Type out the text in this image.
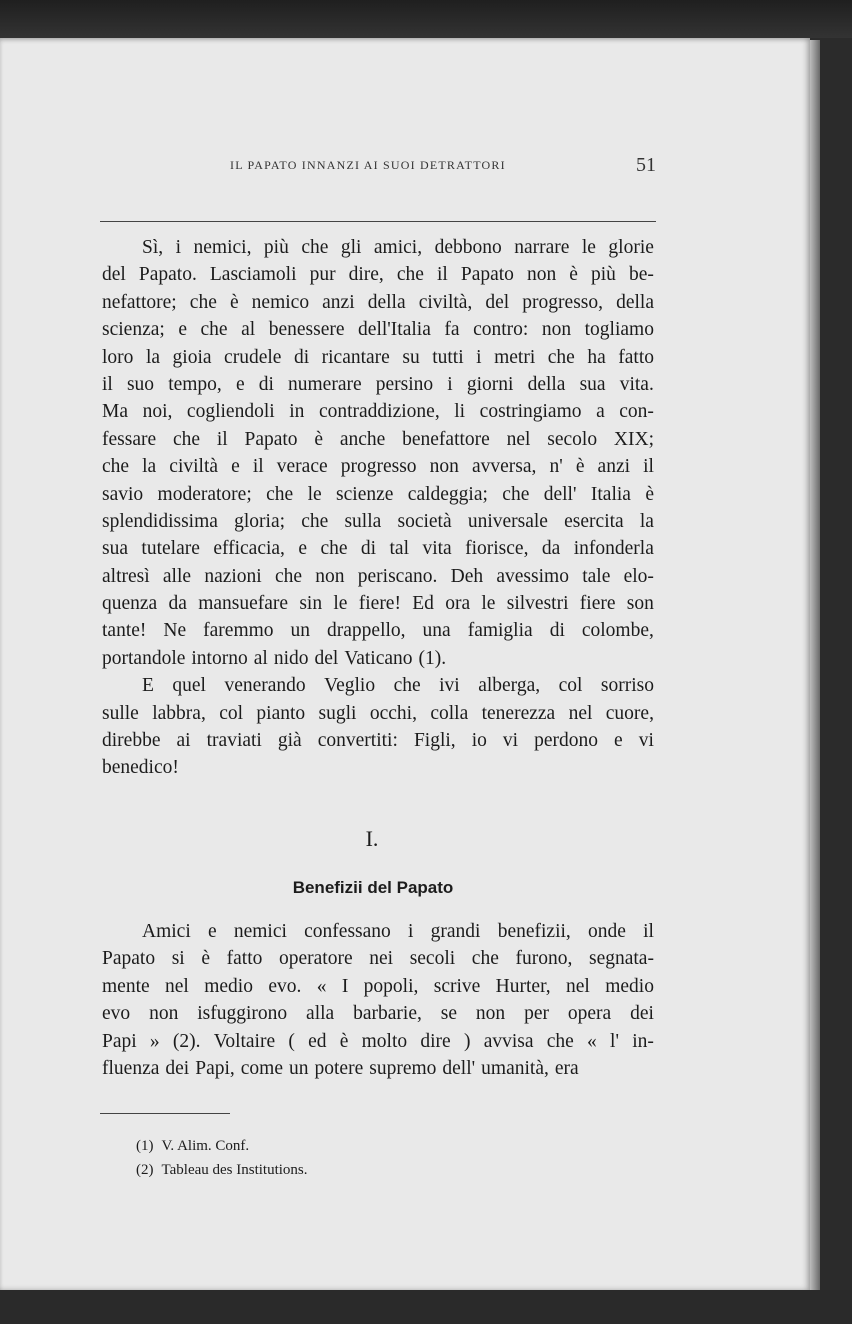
IL PAPATO INNANZI AI SUOI DETRATTORI	51
Sì, i nemici, più che gli amici, debbono narrare le glorie
del Papato. Lasciamoli pur dire, che il Papato non è più be-
nefattore; che è nemico anzi della civiltà, del progresso, della
scienza; e che al benessere dell'Italia fa contro: non togliamo
loro la gioia crudele di ricantare su tutti i metri che ha fatto
il suo tempo, e di numerare persino i giorni della sua vita.
Ma noi, cogliendoli in contraddizione, li costringiamo a con-
fessare che il Papato è anche benefattore nel secolo XIX;
che la civiltà e il verace progresso non avversa, n' è anzi il
savio moderatore; che le scienze caldeggia; che dell' Italia è
splendidissima gloria; che sulla società universale esercita la
sua tutelare efficacia, e che di tal vita fiorisce, da infonderla
altresì alle nazioni che non periscano. Deh avessimo tale elo-
quenza da mansuefare sin le fiere! Ed ora le silvestri fiere son
tante! Ne faremmo un drappello, una famiglia di colombe,
portandole intorno al nido del Vaticano (1).
E quel venerando Veglio che ivi alberga, col sorriso
sulle labbra, col pianto sugli occhi, colla tenerezza nel cuore,
direbbe ai traviati già convertiti: Figli, io vi perdono e vi
benedico!
I.
Benefizii del Papato
Amici e nemici confessano i grandi benefizii, onde il
Papato si è fatto operatore nei secoli che furono, segnata-
mente nel medio evo. « I popoli, scrive Hurter, nel medio
evo non isfuggirono alla barbarie, se non per opera dei
Papi » (2). Voltaire ( ed è molto dire ) avvisa che « l' in-
fluenza dei Papi, come un potere supremo dell' umanità, era
(1) V. Alim. Conf.
(2) Tableau des Institutions.
